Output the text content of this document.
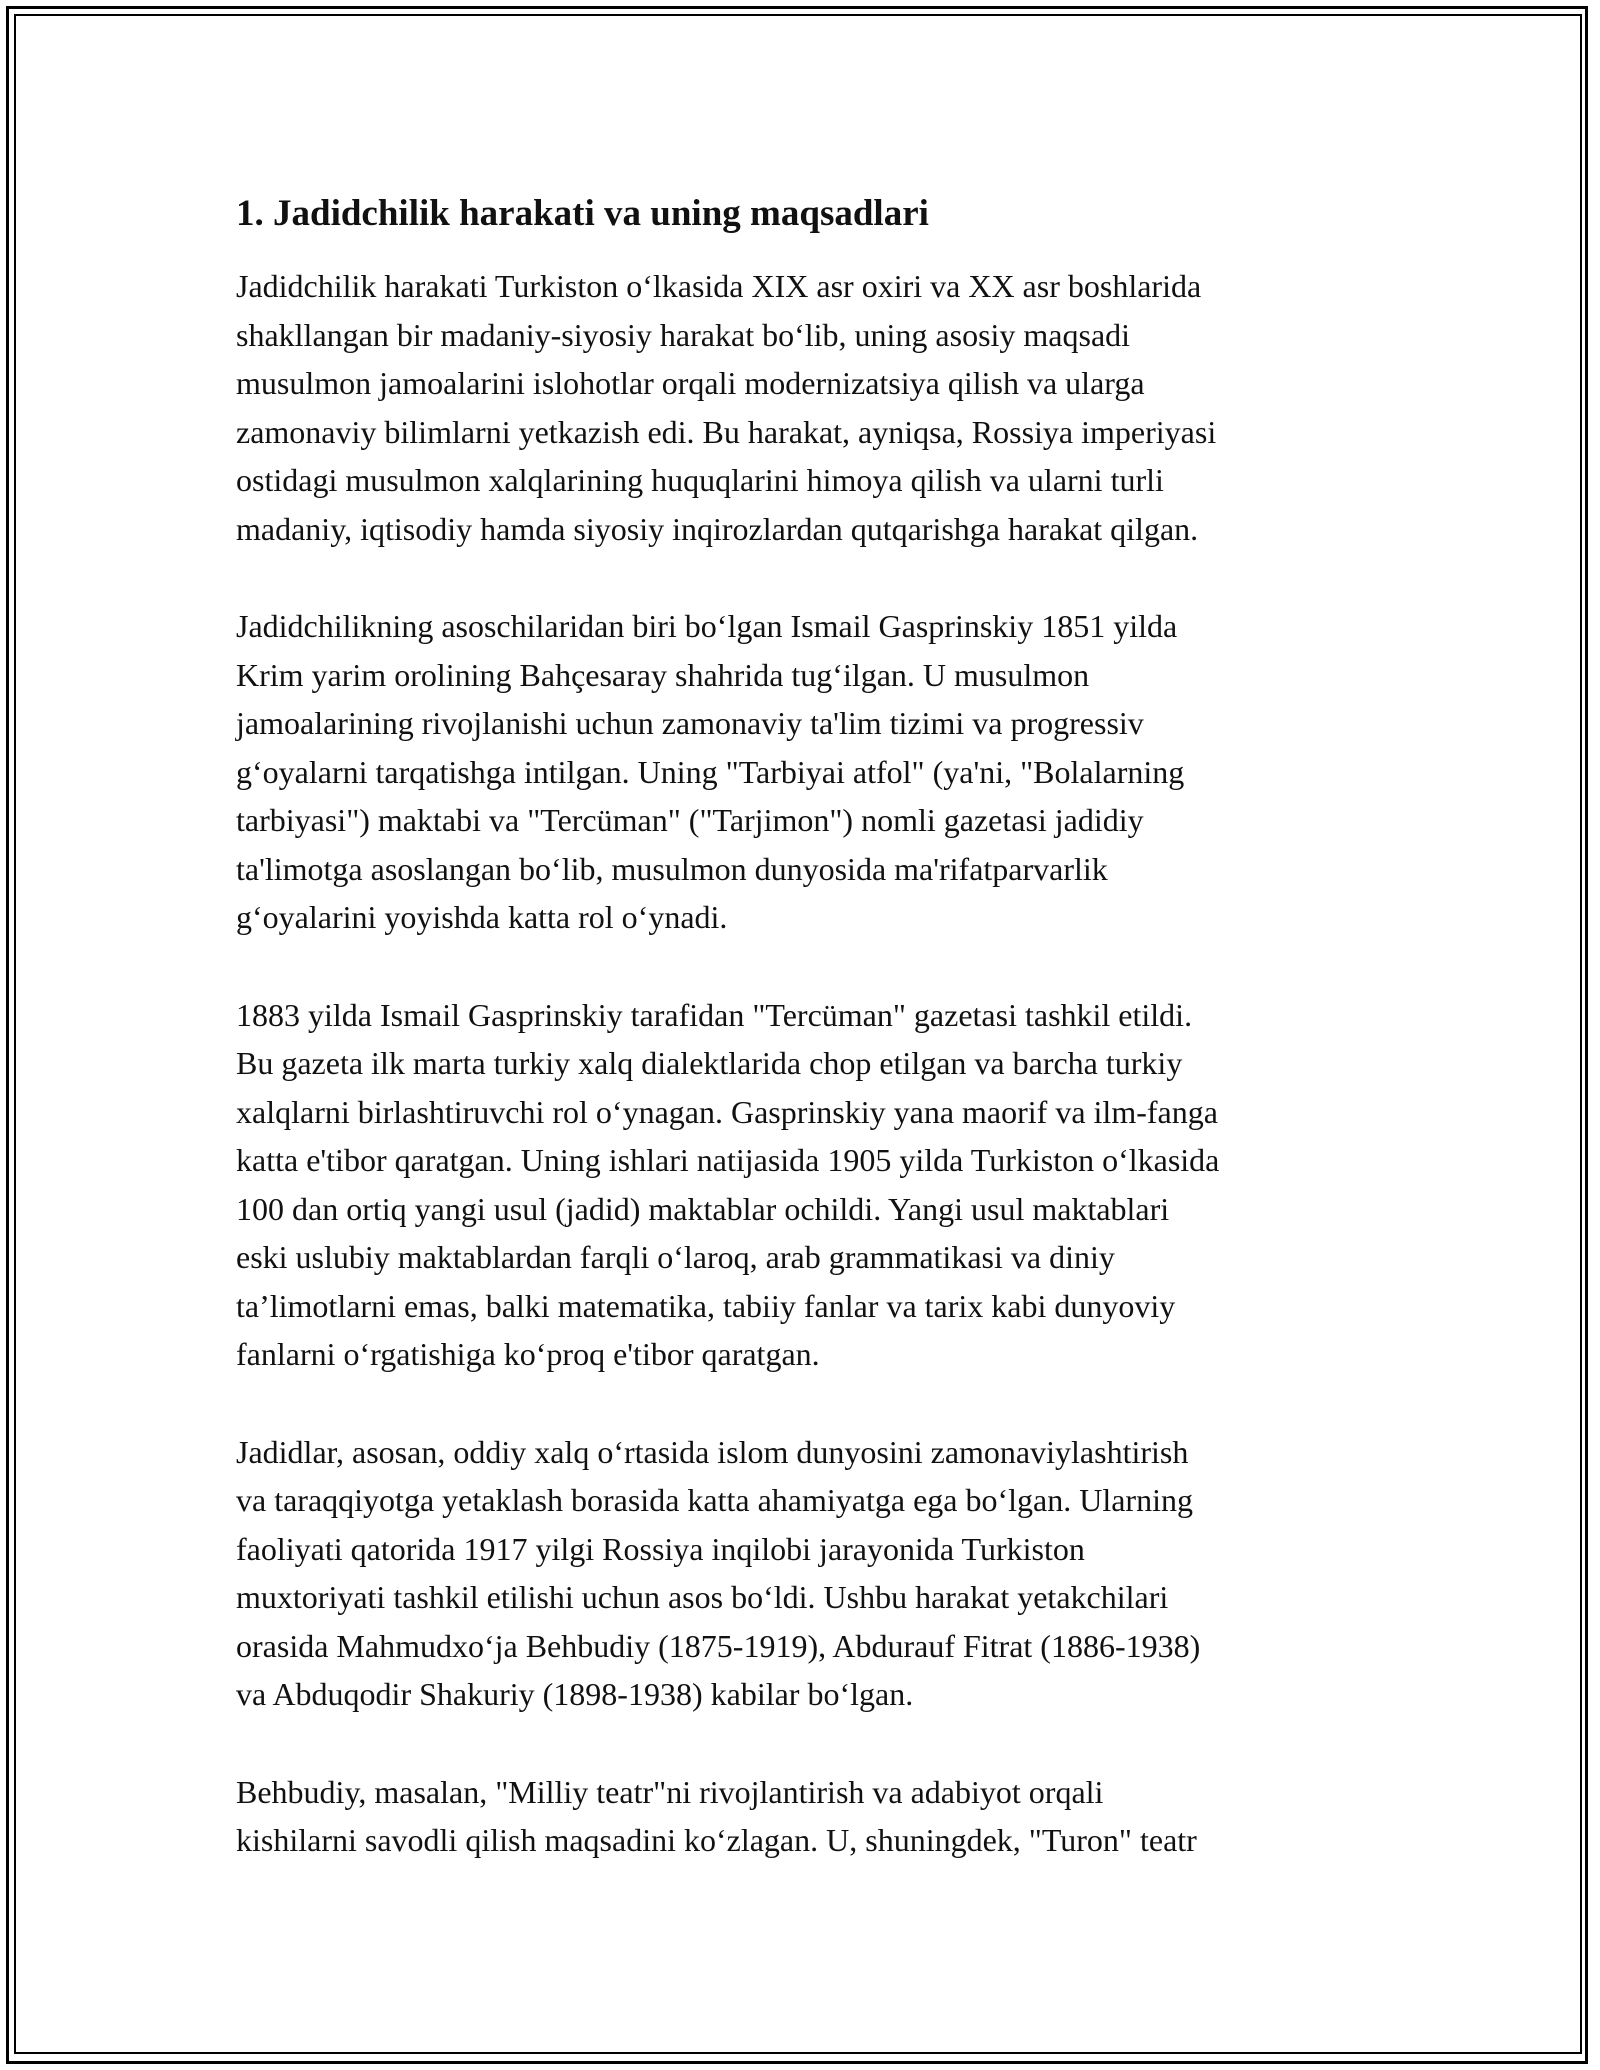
1. Jadidchilik harakati va uning maqsadlari
Jadidchilik harakati Turkiston o‘lkasida XIX asr oxiri va XX asr boshlarida
shakllangan bir madaniy-siyosiy harakat bo‘lib, uning asosiy maqsadi
musulmon jamoalarini islohotlar orqali modernizatsiya qilish va ularga
zamonaviy bilimlarni yetkazish edi. Bu harakat, ayniqsa, Rossiya imperiyasi
ostidagi musulmon xalqlarining huquqlarini himoya qilish va ularni turli
madaniy, iqtisodiy hamda siyosiy inqirozlardan qutqarishga harakat qilgan.
Jadidchilikning asoschilaridan biri bo‘lgan Ismail Gasprinskiy 1851 yilda
Krim yarim orolining Bahçesaray shahrida tug‘ilgan. U musulmon
jamoalarining rivojlanishi uchun zamonaviy ta'lim tizimi va progressiv
g‘oyalarni tarqatishga intilgan. Uning "Tarbiyai atfol" (ya'ni, "Bolalarning
tarbiyasi") maktabi va "Tercüman" ("Tarjimon") nomli gazetasi jadidiy
ta'limotga asoslangan bo‘lib, musulmon dunyosida ma'rifatparvarlik
g‘oyalarini yoyishda katta rol o‘ynadi.
1883 yilda Ismail Gasprinskiy tarafidan "Tercüman" gazetasi tashkil etildi.
Bu gazeta ilk marta turkiy xalq dialektlarida chop etilgan va barcha turkiy
xalqlarni birlashtiruvchi rol o‘ynagan. Gasprinskiy yana maorif va ilm-fanga
katta e'tibor qaratgan. Uning ishlari natijasida 1905 yilda Turkiston o‘lkasida
100 dan ortiq yangi usul (jadid) maktablar ochildi. Yangi usul maktablari
eski uslubiy maktablardan farqli o‘laroq, arab grammatikasi va diniy
ta’limotlarni emas, balki matematika, tabiiy fanlar va tarix kabi dunyoviy
fanlarni o‘rgatishiga ko‘proq e'tibor qaratgan.
Jadidlar, asosan, oddiy xalq o‘rtasida islom dunyosini zamonaviylashtirish
va taraqqiyotga yetaklash borasida katta ahamiyatga ega bo‘lgan. Ularning
faoliyati qatorida 1917 yilgi Rossiya inqilobi jarayonida Turkiston
muxtoriyati tashkil etilishi uchun asos bo‘ldi. Ushbu harakat yetakchilari
orasida Mahmudxo‘ja Behbudiy (1875-1919), Abdurauf Fitrat (1886-1938)
va Abduqodir Shakuriy (1898-1938) kabilar bo‘lgan.
Behbudiy, masalan, "Milliy teatr"ni rivojlantirish va adabiyot orqali
kishilarni savodli qilish maqsadini ko‘zlagan. U, shuningdek, "Turon" teatr
